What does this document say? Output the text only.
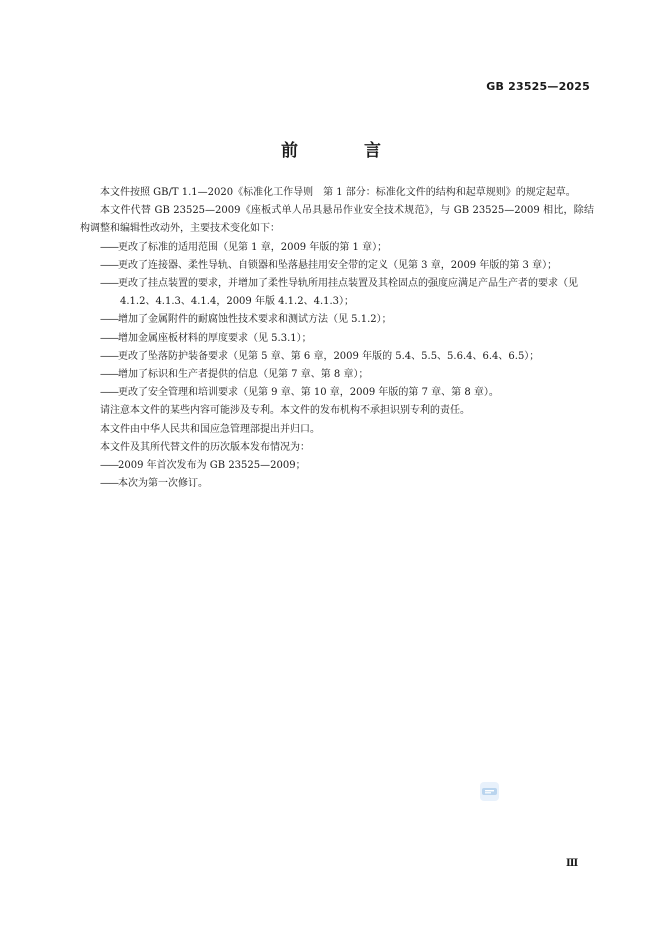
GB 23525—2025
前 言

本文件按照 GB/T 1.1—2020《标准化工作导则　第 1 部分：标准化文件的结构和起草规则》的规定起草。

本文件代替 GB 23525—2009《座板式单人吊具悬吊作业安全技术规范》，与 GB 23525—2009 相比，除结构调整和编辑性改动外，主要技术变化如下：

——更改了标准的适用范围（见第 1 章，2009 年版的第 1 章）；

——更改了连接器、柔性导轨、自锁器和坠落悬挂用安全带的定义（见第 3 章，2009 年版的第 3 章）；

——更改了挂点装置的要求，并增加了柔性导轨所用挂点装置及其栓固点的强度应满足产品生产者的要求（见 4.1.2、4.1.3、4.1.4，2009 年版 4.1.2、4.1.3）；

——增加了金属附件的耐腐蚀性技术要求和测试方法（见 5.1.2）；

——增加金属座板材料的厚度要求（见 5.3.1）；

——更改了坠落防护装备要求（见第 5 章、第 6 章，2009 年版的 5.4、5.5、5.6.4、6.4、6.5）；

——增加了标识和生产者提供的信息（见第 7 章、第 8 章）；

——更改了安全管理和培训要求（见第 9 章、第 10 章，2009 年版的第 7 章、第 8 章）。

请注意本文件的某些内容可能涉及专利。本文件的发布机构不承担识别专利的责任。

本文件由中华人民共和国应急管理部提出并归口。

本文件及其所代替文件的历次版本发布情况为：

——2009 年首次发布为 GB 23525—2009；

——本次为第一次修订。

Ⅲ
